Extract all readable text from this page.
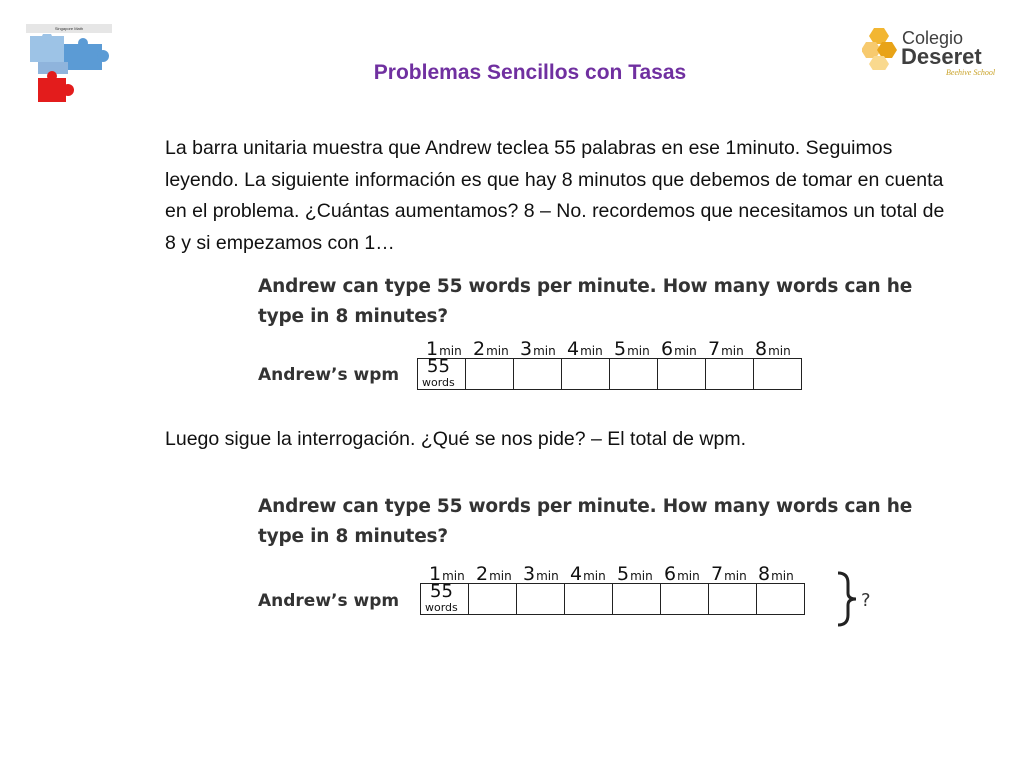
Singapore Math	Colegio
Deseret
Beehive School
Problemas Sencillos con Tasas
La barra unitaria muestra que Andrew teclea 55 palabras en ese 1minuto. Seguimos leyendo. La siguiente información es que hay 8 minutos que debemos de tomar en cuenta en el problema. ¿Cuántas aumentamos? 8 – No. recordemos que necesitamos un total de 8 y si empezamos con 1…
Andrew can type 55 words per minute. How many words can he
type in 8 minutes?
Andrew’s wpm
1min 2min 3min 4min 5min 6min 7min 8min
55
words
Luego sigue la interrogación. ¿Qué se nos pide? – El total de wpm.
Andrew can type 55 words per minute. How many words can he
type in 8 minutes?
Andrew’s wpm
1min 2min 3min 4min 5min 6min 7min 8min
55
words	?
